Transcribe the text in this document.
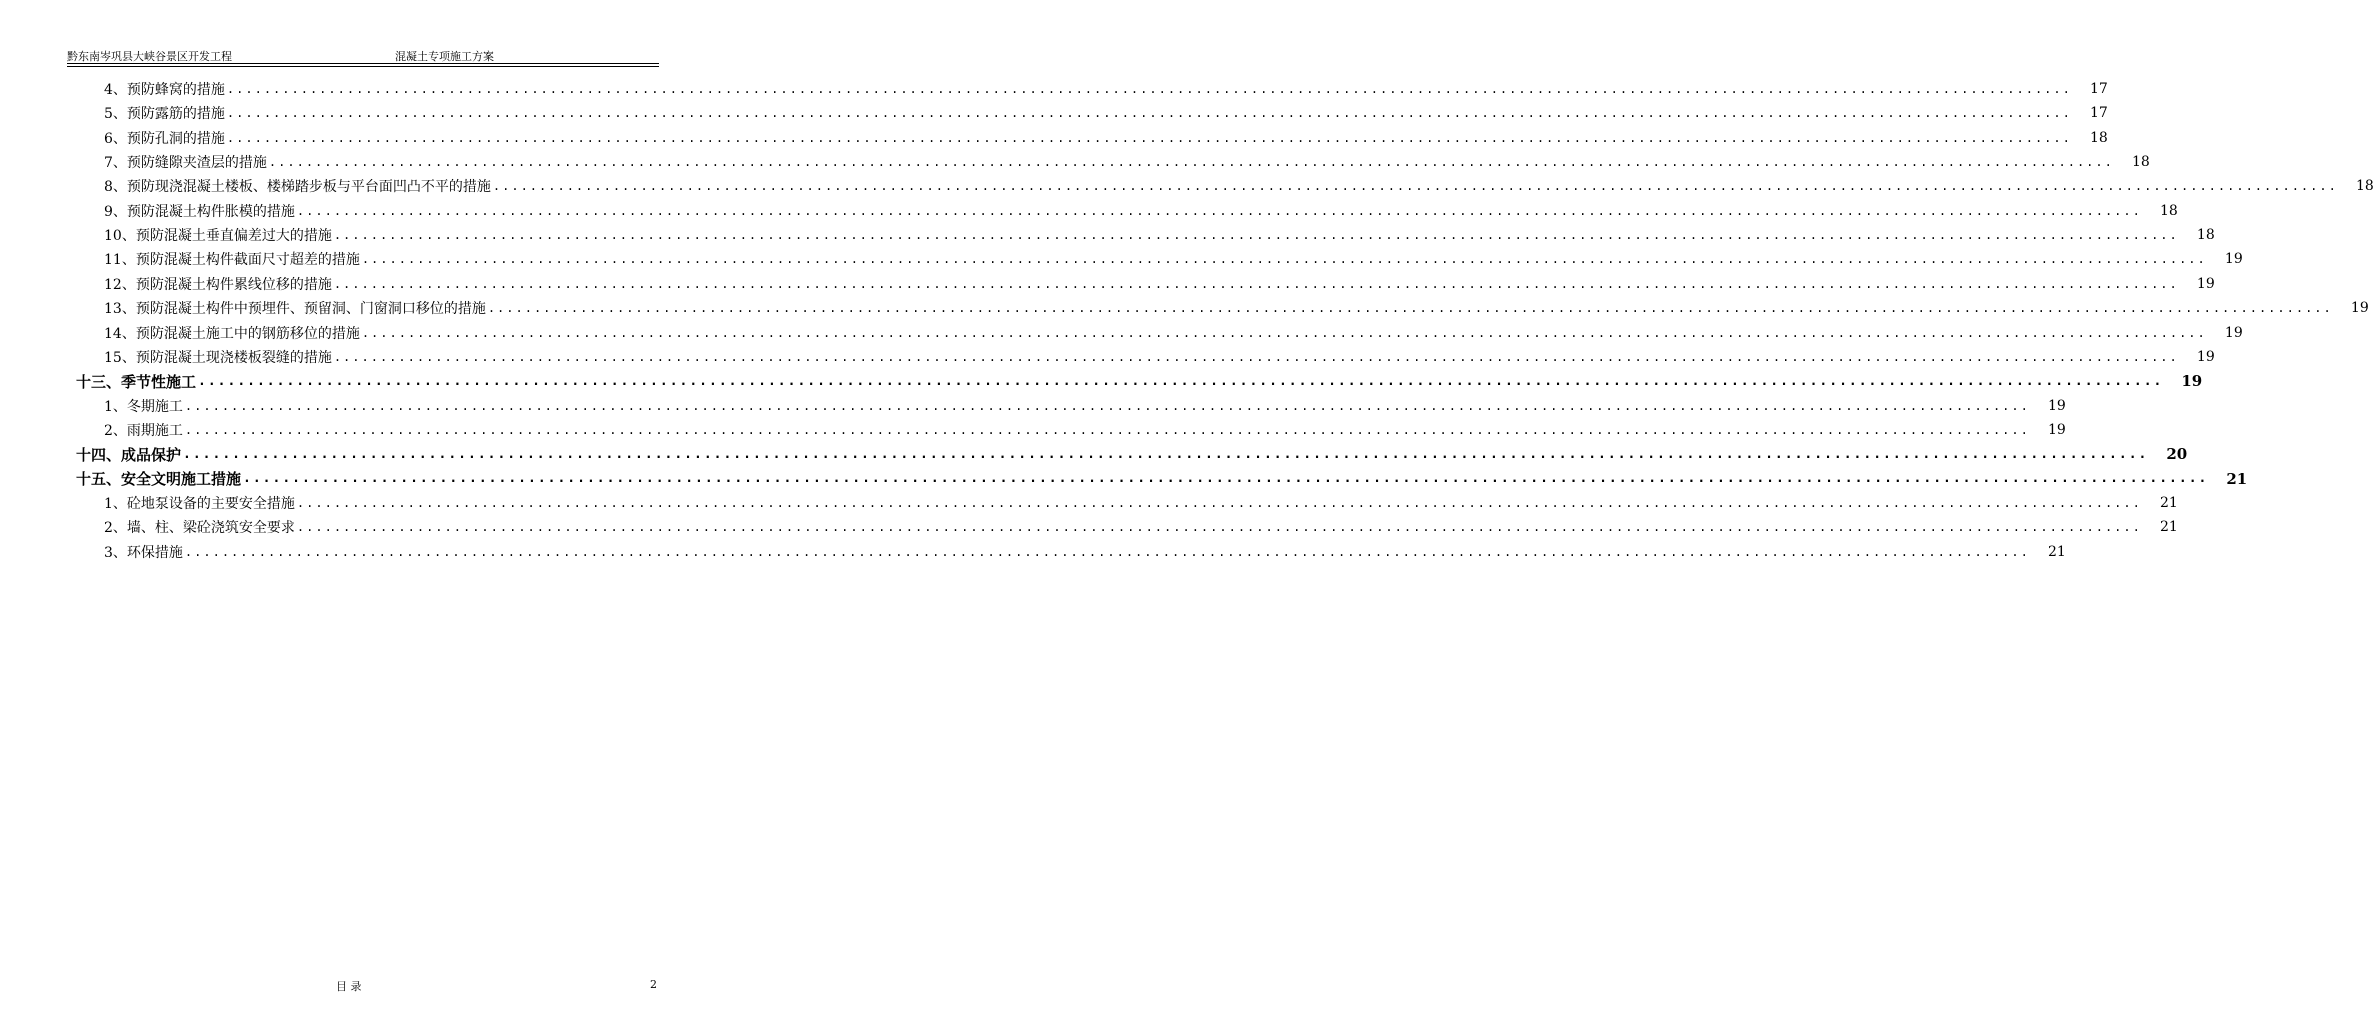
黔东南岑巩县大峡谷景区开发工程	混凝土专项施工方案
4、预防蜂窝的措施 ........................................................................................................................................................................................................ 17
5、预防露筋的措施 ........................................................................................................................................................................................................ 17
6、预防孔洞的措施 ........................................................................................................................................................................................................ 18
7、预防缝隙夹渣层的措施 ........................................................................................................................................................................................................ 18
8、预防现浇混凝土楼板、楼梯踏步板与平台面凹凸不平的措施 ........................................................................................................................................................................................................ 18
9、预防混凝土构件胀模的措施 ........................................................................................................................................................................................................ 18
10、预防混凝土垂直偏差过大的措施 ........................................................................................................................................................................................................ 18
11、预防混凝土构件截面尺寸超差的措施 ........................................................................................................................................................................................................ 19
12、预防混凝土构件累线位移的措施 ........................................................................................................................................................................................................ 19
13、预防混凝土构件中预埋件、预留洞、门窗洞口移位的措施 ........................................................................................................................................................................................................ 19
14、预防混凝土施工中的钢筋移位的措施 ........................................................................................................................................................................................................ 19
15、预防混凝土现浇楼板裂缝的措施 ........................................................................................................................................................................................................ 19
十三、季节性施工 ........................................................................................................................................................................................................ 19
1、冬期施工 ........................................................................................................................................................................................................ 19
2、雨期施工 ........................................................................................................................................................................................................ 19
十四、成品保护 ........................................................................................................................................................................................................ 20
十五、安全文明施工措施 ........................................................................................................................................................................................................ 21
1、砼地泵设备的主要安全措施 ........................................................................................................................................................................................................ 21
2、墙、柱、梁砼浇筑安全要求 ........................................................................................................................................................................................................ 21
3、环保措施 ........................................................................................................................................................................................................ 21
目 录	2
